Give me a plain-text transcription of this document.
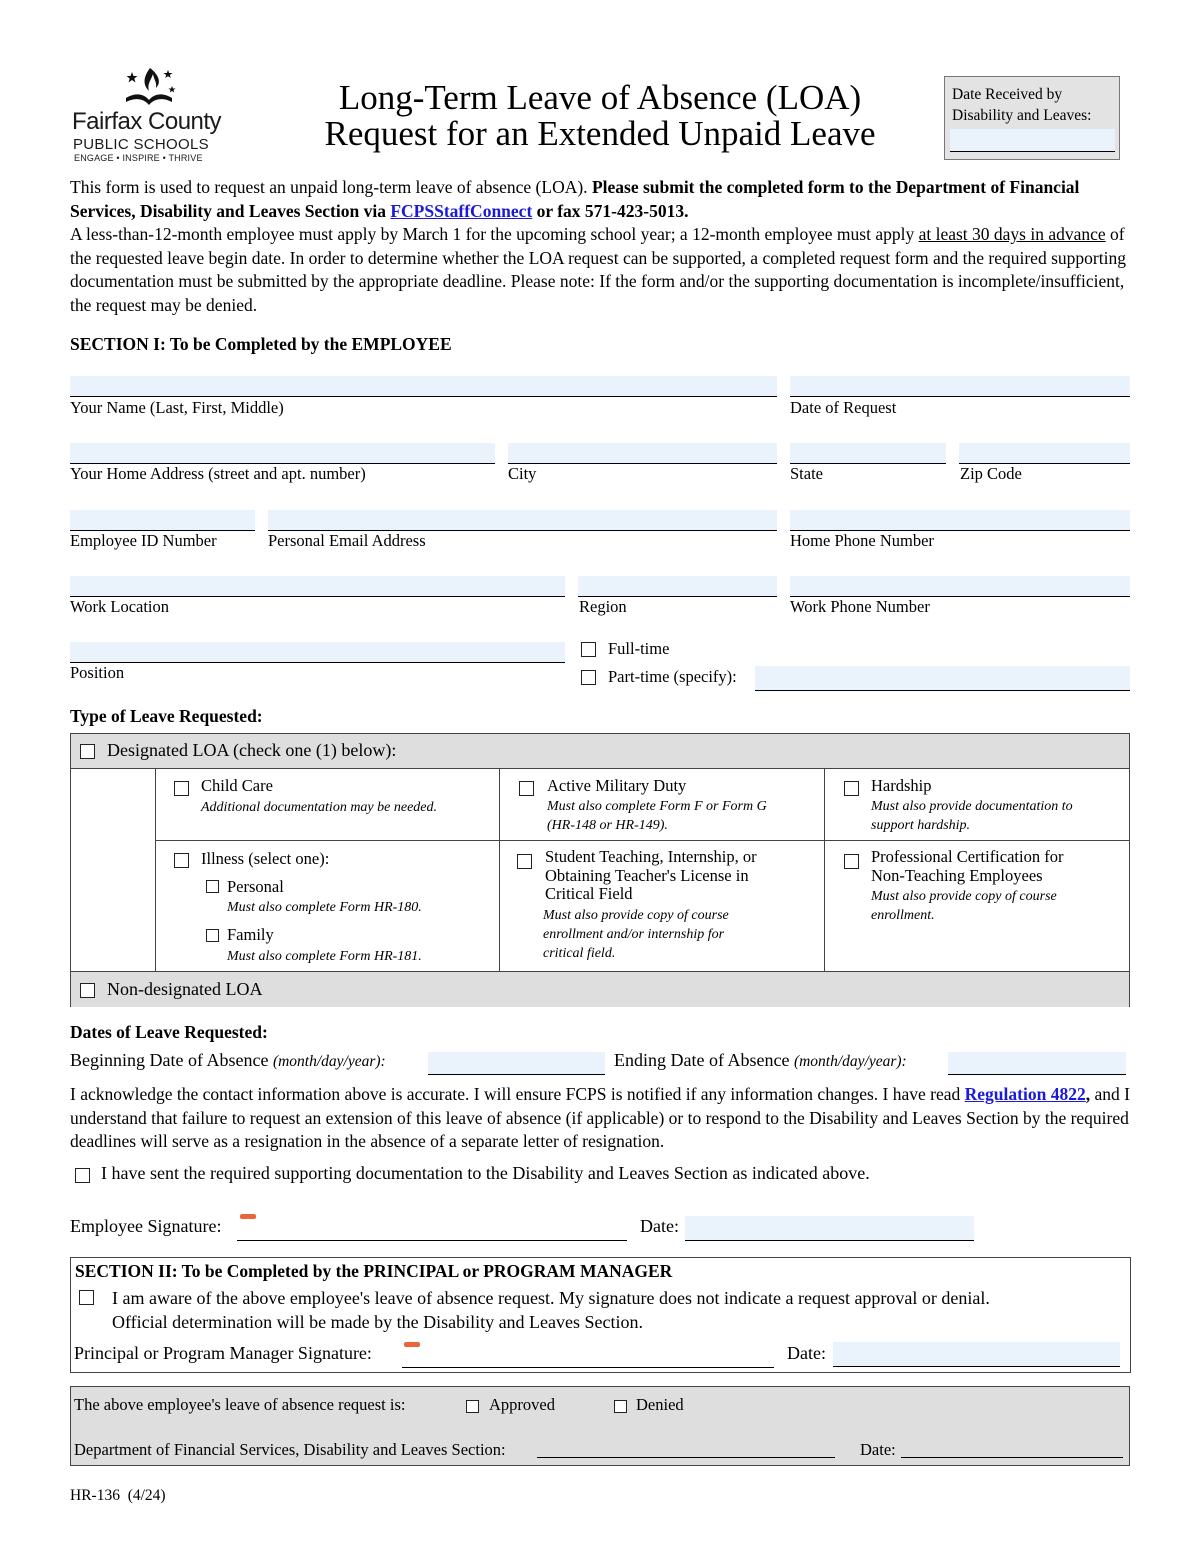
Fairfax County
PUBLIC SCHOOLS
ENGAGE • INSPIRE • THRIVE
Long-Term Leave of Absence (LOA)
Request for an Extended Unpaid Leave
Date Received by
Disability and Leaves:
This form is used to request an unpaid long-term leave of absence (LOA). Please submit the completed form to the Department of Financial Services, Disability and Leaves Section via FCPSStaffConnect or fax 571-423-5013.
A less-than-12-month employee must apply by March 1 for the upcoming school year; a 12-month employee must apply at least 30 days in advance of the requested leave begin date. In order to determine whether the LOA request can be supported, a completed request form and the required supporting documentation must be submitted by the appropriate deadline. Please note: If the form and/or the supporting documentation is incomplete/insufficient, the request may be denied.
SECTION I: To be Completed by the EMPLOYEE
Your Name (Last, First, Middle)	Date of Request
Your Home Address (street and apt. number)	City	State	Zip Code
Employee ID Number	Personal Email Address	Home Phone Number
Work Location	Region	Work Phone Number
Position
Full-time
Part-time (specify):
Type of Leave Requested:
Designated LOA (check one (1) below):
Child Care
Additional documentation may be needed.
Active Military Duty
Must also complete Form F or Form G
(HR-148 or HR-149).
Hardship
Must also provide documentation to
support hardship.
Illness (select one):
Personal
Must also complete Form HR-180.
Family
Must also complete Form HR-181.
Student Teaching, Internship, or
Obtaining Teacher's License in
Critical Field
Must also provide copy of course
enrollment and/or internship for
critical field.
Professional Certification for
Non-Teaching Employees
Must also provide copy of course
enrollment.
Non-designated LOA
Dates of Leave Requested:
Beginning Date of Absence (month/day/year):	Ending Date of Absence (month/day/year):
I acknowledge the contact information above is accurate. I will ensure FCPS is notified if any information changes. I have read Regulation 4822, and I understand that failure to request an extension of this leave of absence (if applicable) or to respond to the Disability and Leaves Section by the required deadlines will serve as a resignation in the absence of a separate letter of resignation.
I have sent the required supporting documentation to the Disability and Leaves Section as indicated above.
Employee Signature:	Date:
SECTION II: To be Completed by the PRINCIPAL or PROGRAM MANAGER
I am aware of the above employee's leave of absence request. My signature does not indicate a request approval or denial.
Official determination will be made by the Disability and Leaves Section.
Principal or Program Manager Signature:	Date:
The above employee's leave of absence request is:	Approved	Denied
Department of Financial Services, Disability and Leaves Section:	Date:
HR-136  (4/24)
